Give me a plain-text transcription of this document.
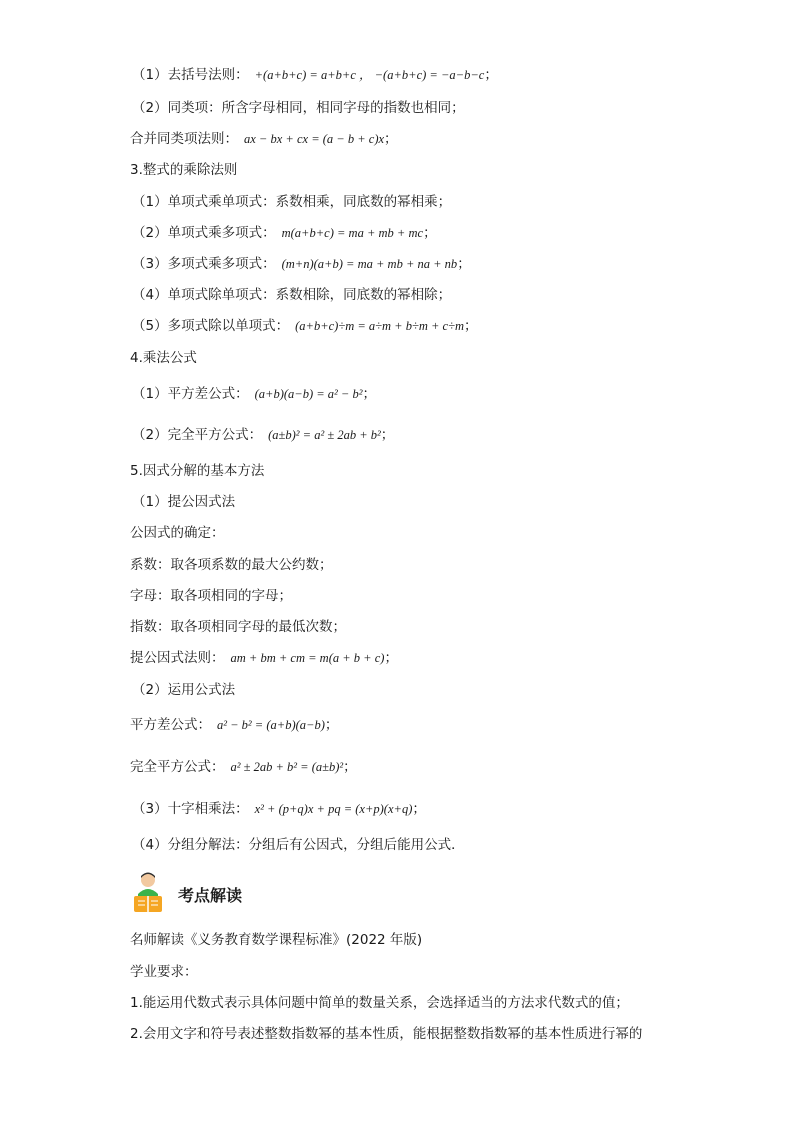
（1）去括号法则： +(a+b+c) = a+b+c ， −(a+b+c) = −a−b−c；
（2）同类项：所含字母相同，相同字母的指数也相同；
合并同类项法则： ax − bx + cx = (a − b + c)x；
3.整式的乘除法则
（1）单项式乘单项式：系数相乘，同底数的幂相乘；
（2）单项式乘多项式： m(a+b+c) = ma + mb + mc；
（3）多项式乘多项式： (m+n)(a+b) = ma + mb + na + nb；
（4）单项式除单项式：系数相除，同底数的幂相除；
（5）多项式除以单项式： (a+b+c)÷m = a÷m + b÷m + c÷m；
4.乘法公式
（1）平方差公式： (a+b)(a−b) = a² − b²；
（2）完全平方公式： (a±b)² = a² ± 2ab + b²；
5.因式分解的基本方法
（1）提公因式法
公因式的确定：
系数：取各项系数的最大公约数；
字母：取各项相同的字母；
指数：取各项相同字母的最低次数；
提公因式法则： am + bm + cm = m(a + b + c)；
（2）运用公式法
平方差公式： a² − b² = (a+b)(a−b)；
完全平方公式： a² ± 2ab + b² = (a±b)²；
（3）十字相乘法： x² + (p+q)x + pq = (x+p)(x+q)；
（4）分组分解法：分组后有公因式，分组后能用公式．
考点解读
名师解读《义务教育数学课程标准》(2022 年版)
学业要求：
1.能运用代数式表示具体问题中简单的数量关系，会选择适当的方法求代数式的值；
2.会用文字和符号表述整数指数幂的基本性质，能根据整数指数幂的基本性质进行幂的
